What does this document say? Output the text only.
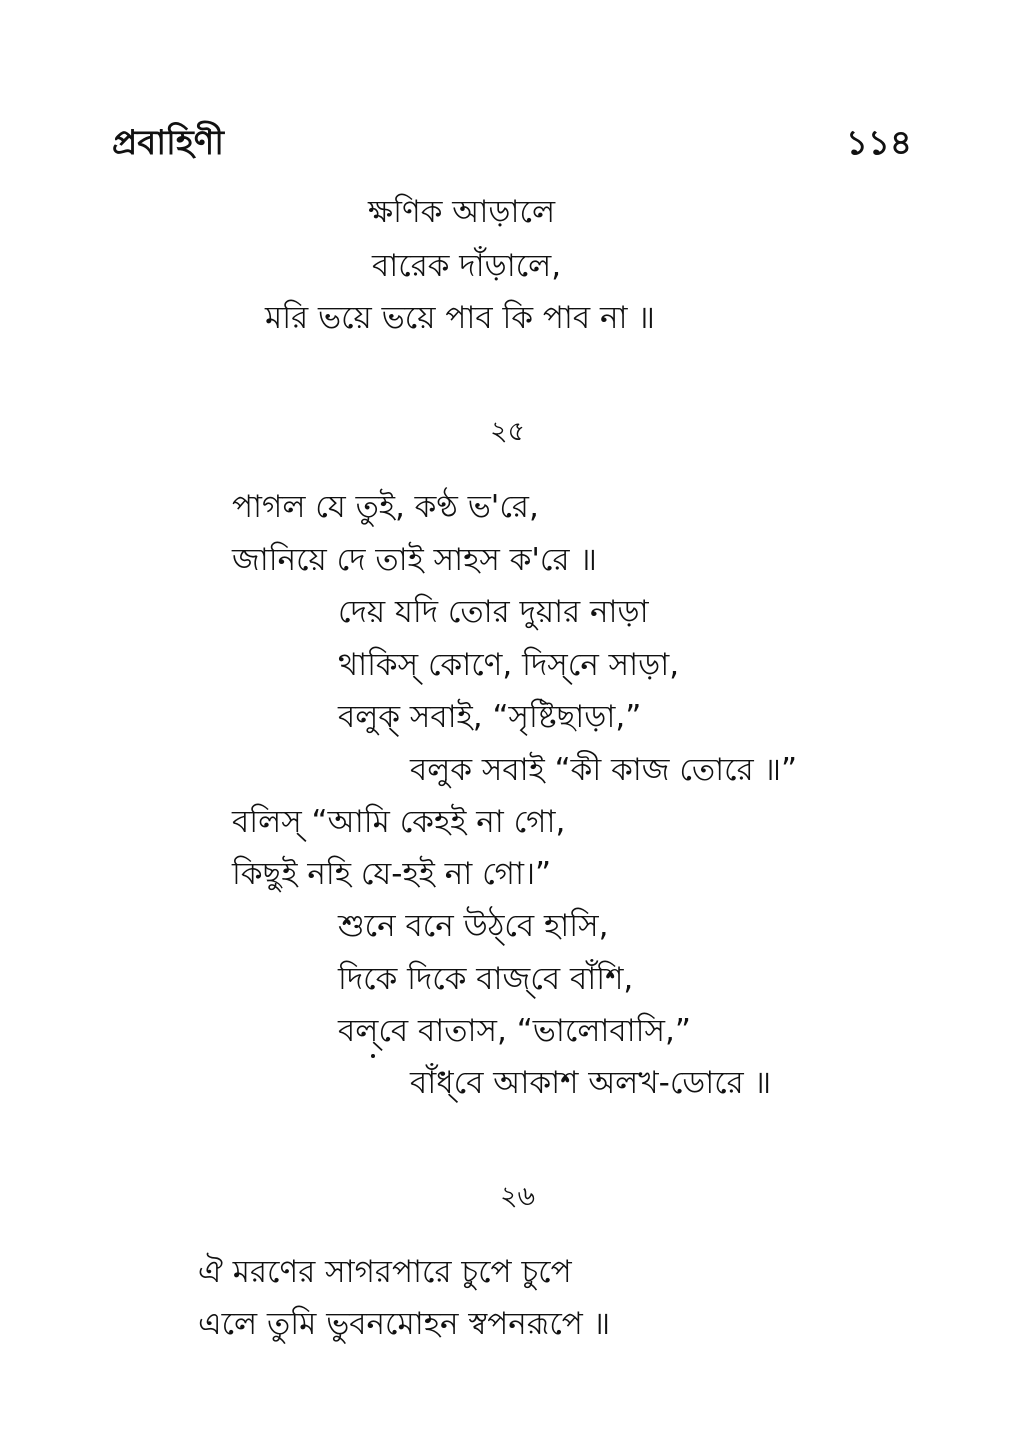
প্রবাহিণী	১১৪
ক্ষণিক আড়ালে
বারেক দাঁড়ালে,
মরি ভয়ে ভয়ে পাব কি পাব না ॥
২৫
পাগল যে তুই, কণ্ঠ ভ'রে,
জানিয়ে দে তাই সাহস ক'রে ॥
দেয় যদি তোর দুয়ার নাড়া
থাকিস্‌ কোণে, দিস্‌নে সাড়া,
বলুক্‌ সবাই, “সৃষ্টিছাড়া,”
বলুক সবাই “কী কাজ তোরে ॥”
বলিস্‌ “আমি কেহই না গো,
কিছুই নহি যে-হই না গো।”
শুনে বনে উঠ্‌বে হাসি,
দিকে দিকে বাজ্‌বে বাঁশি,
বল্‌বে বাতাস, “ভালোবাসি,”
বাঁধ্‌বে আকাশ অলখ-ডোরে ॥
২৬
ঐ মরণের সাগরপারে চুপে চুপে
এলে তুমি ভুবনমোহন স্বপনরূপে ॥
